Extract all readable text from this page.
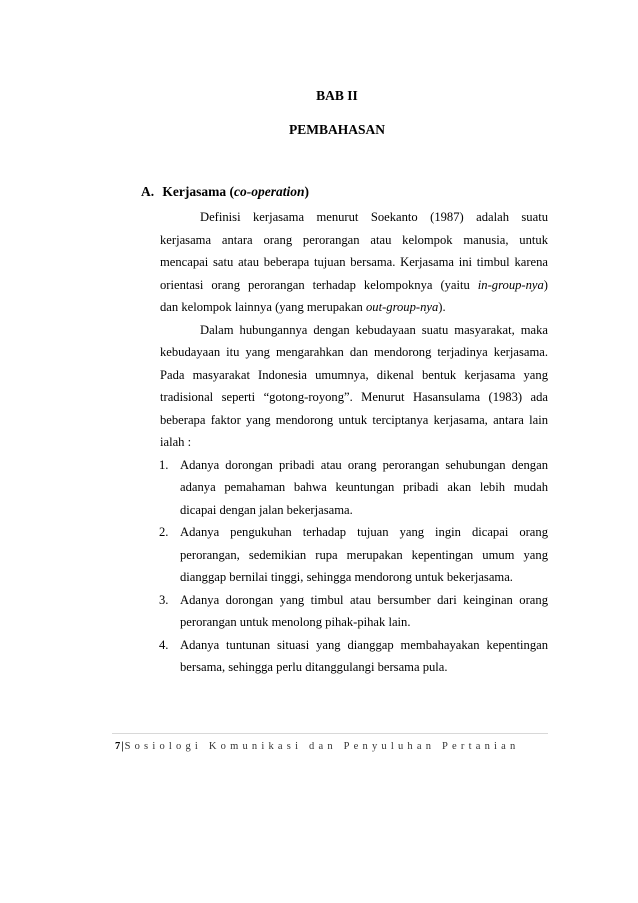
BAB II
PEMBAHASAN
A. Kerjasama (co-operation)
Definisi kerjasama menurut Soekanto (1987) adalah suatu
kerjasama antara orang perorangan atau kelompok manusia, untuk
mencapai satu atau beberapa tujuan bersama. Kerjasama ini timbul karena
orientasi orang perorangan terhadap kelompoknya (yaitu in-group-nya)
dan kelompok lainnya (yang merupakan out-group-nya).
Dalam hubungannya dengan kebudayaan suatu masyarakat, maka
kebudayaan itu yang mengarahkan dan mendorong terjadinya kerjasama.
Pada masyarakat Indonesia umumnya, dikenal bentuk kerjasama yang
tradisional seperti “gotong-royong”. Menurut Hasansulama (1983) ada
beberapa faktor yang mendorong untuk terciptanya kerjasama, antara lain
ialah :
1. Adanya dorongan pribadi atau orang perorangan sehubungan dengan
adanya pemahaman bahwa keuntungan pribadi akan lebih mudah
dicapai dengan jalan bekerjasama.
2. Adanya pengukuhan terhadap tujuan yang ingin dicapai orang
perorangan, sedemikian rupa merupakan kepentingan umum yang
dianggap bernilai tinggi, sehingga mendorong untuk bekerjasama.
3. Adanya dorongan yang timbul atau bersumber dari keinginan orang
perorangan untuk menolong pihak-pihak lain.
4. Adanya tuntunan situasi yang dianggap membahayakan kepentingan
bersama, sehingga perlu ditanggulangi bersama pula.
7|Sosiologi Komunikasi dan Penyuluhan Pertanian
